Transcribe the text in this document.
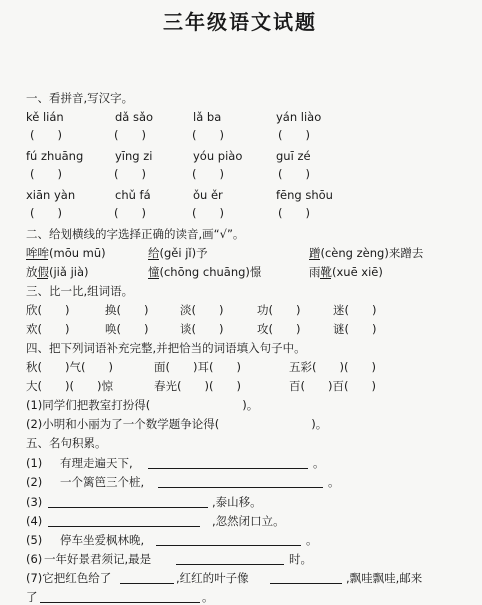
三年级语文试题
一、看拼音,写汉字。
kě lián	dǎ sǎo	lǎ ba	yán liào
(　　)	(　　)	(　　)	(　　)
fú zhuāng	yīng zi	yóu piào	guī zé
(　　)	(　　)	(　　)	(　　)
xiān yàn	chǔ fá	ǒu ěr	fēng shōu
(　　)	(　　)	(　　)	(　　)
二、给划横线的字选择正确的读音,画“√”。
哞哞(mōu mū)	给(gěi jǐ)予	蹭(cèng zèng)来蹭去
放假(jiǎ jià)	憧(chōng chuāng)憬	雨靴(xuē xiē)
三、比一比,组词语。
欣(　　)	换(　　)	淡(　　)	功(　　)	迷(　　)
欢(　　)	唤(　　)	谈(　　)	攻(　　)	谜(　　)
四、把下列词语补充完整,并把恰当的词语填入句子中。
秋(　　)气(　　)	面(　　)耳(　　)	五彩(　　)(　　)
大(　　)(　　)惊	春光(　　)(　　)	百(　　)百(　　)
(1)同学们把教室打扮得(　　　　　　　　)。
(2)小明和小丽为了一个数学题争论得(　　　　　　　　)。
五、名句积累。
(1) 有理走遍天下,	。
(2) 一个篱笆三个桩,	。
(3)	,泰山移。
(4)	,忽然闭口立。
(5) 停车坐爱枫林晚,	。
(6) 一年好景君须记,最是	时。
(7)它把红色给了	,红红的叶子像	,飘哇飘哇,邮来
了	。
